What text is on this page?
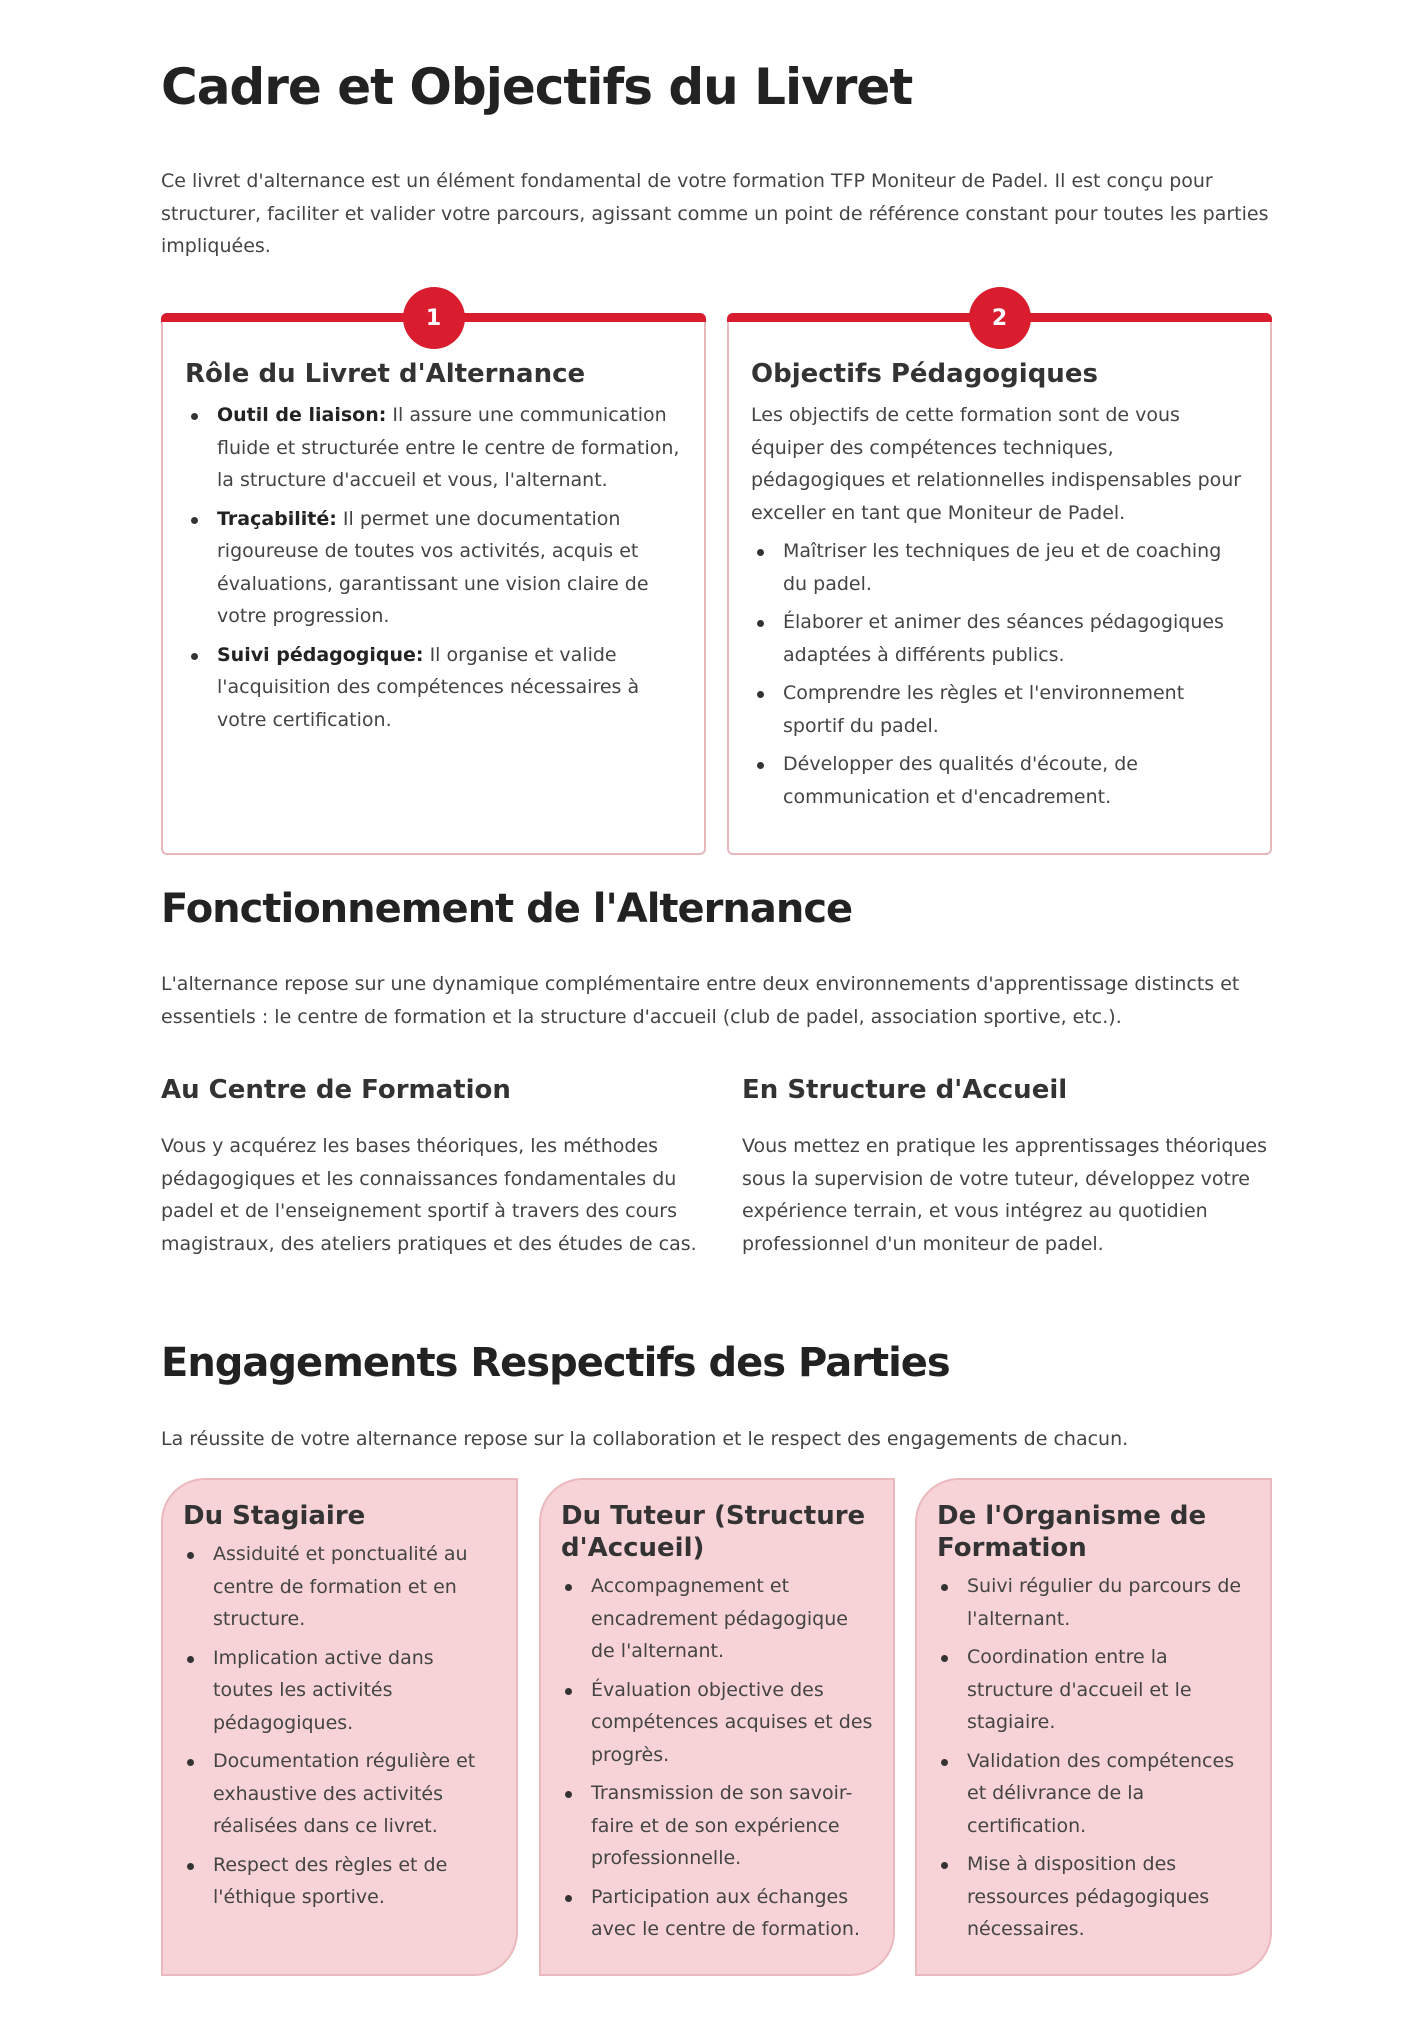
Cadre et Objectifs du Livret

Ce livret d'alternance est un élément fondamental de votre formation TFP Moniteur de Padel. Il est conçu pour structurer, faciliter et valider votre parcours, agissant comme un point de référence constant pour toutes les parties impliquées.

1
Rôle du Livret d'Alternance
Outil de liaison: Il assure une communication fluide et structurée entre le centre de formation, la structure d'accueil et vous, l'alternant.
Traçabilité: Il permet une documentation rigoureuse de toutes vos activités, acquis et évaluations, garantissant une vision claire de votre progression.
Suivi pédagogique: Il organise et valide l'acquisition des compétences nécessaires à votre certification.
2
Objectifs Pédagogiques

Les objectifs de cette formation sont de vous équiper des compétences techniques, pédagogiques et relationnelles indispensables pour exceller en tant que Moniteur de Padel.

Maîtriser les techniques de jeu et de coaching du padel.
Élaborer et animer des séances pédagogiques adaptées à différents publics.
Comprendre les règles et l'environnement sportif du padel.
Développer des qualités d'écoute, de communication et d'encadrement.
Fonctionnement de l'Alternance

L'alternance repose sur une dynamique complémentaire entre deux environnements d'apprentissage distincts et essentiels : le centre de formation et la structure d'accueil (club de padel, association sportive, etc.).

Au Centre de Formation

Vous y acquérez les bases théoriques, les méthodes pédagogiques et les connaissances fondamentales du padel et de l'enseignement sportif à travers des cours magistraux, des ateliers pratiques et des études de cas.

En Structure d'Accueil

Vous mettez en pratique les apprentissages théoriques sous la supervision de votre tuteur, développez votre expérience terrain, et vous intégrez au quotidien professionnel d'un moniteur de padel.

Engagements Respectifs des Parties

La réussite de votre alternance repose sur la collaboration et le respect des engagements de chacun.

Du Stagiaire
Assiduité et ponctualité au centre de formation et en structure.
Implication active dans toutes les activités pédagogiques.
Documentation régulière et exhaustive des activités réalisées dans ce livret.
Respect des règles et de l'éthique sportive.
Du Tuteur (Structure d'Accueil)
Accompagnement et encadrement pédagogique de l'alternant.
Évaluation objective des compétences acquises et des progrès.
Transmission de son savoir-faire et de son expérience professionnelle.
Participation aux échanges avec le centre de formation.
De l'Organisme de Formation
Suivi régulier du parcours de l'alternant.
Coordination entre la structure d'accueil et le stagiaire.
Validation des compétences et délivrance de la certification.
Mise à disposition des ressources pédagogiques nécessaires.
